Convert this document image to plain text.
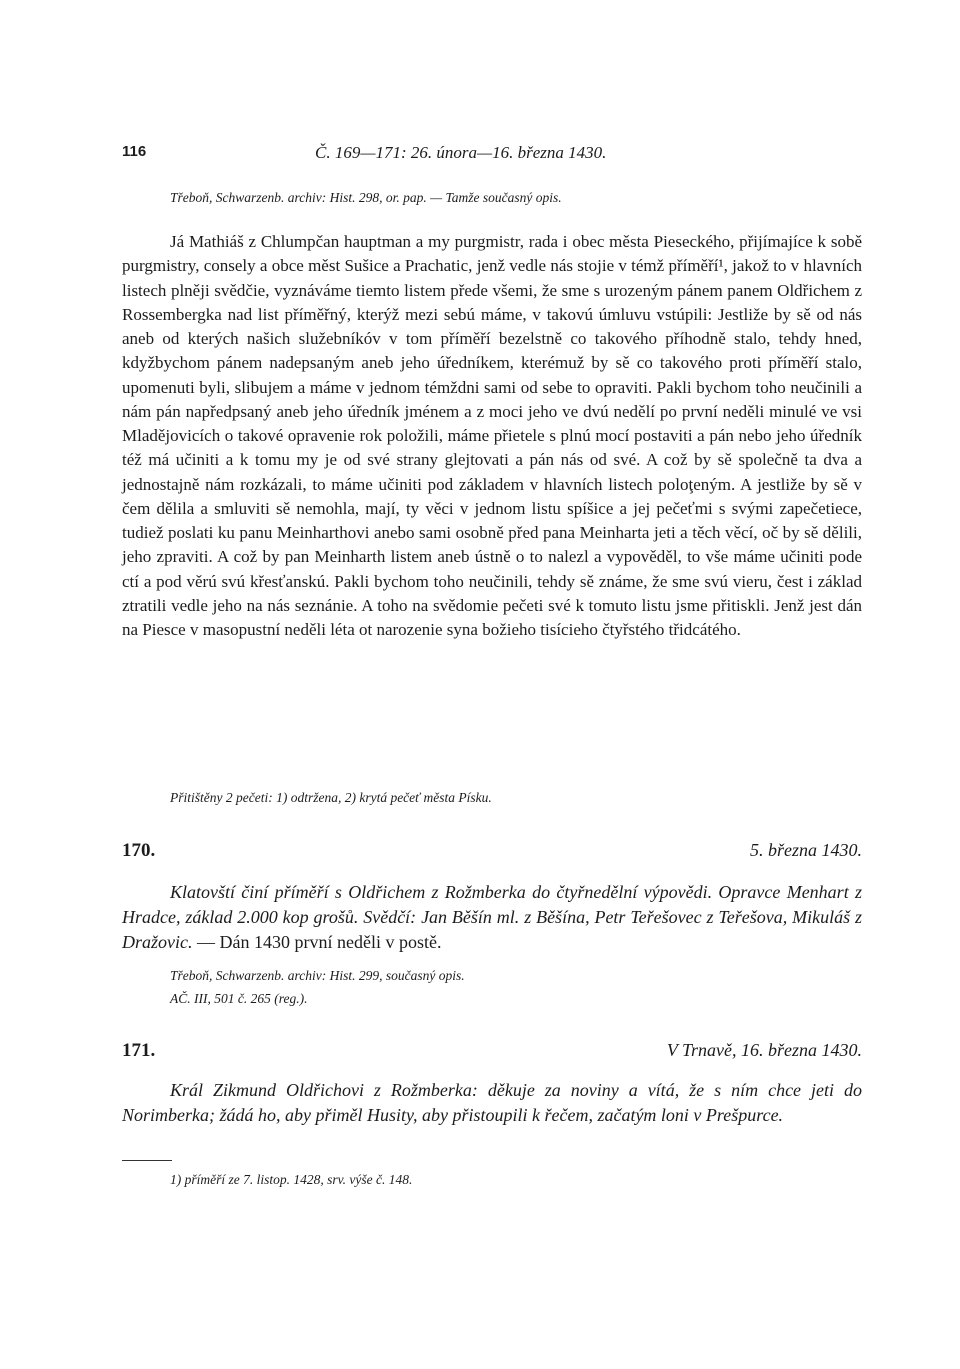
116	Č. 169—171: 26. února—16. března 1430.
Třeboň, Schwarzenb. archiv: Hist. 298, or. pap. — Tamže současný opis.

Já Mathiáš z Chlumpčan hauptman a my purgmistr, rada i obec města Pieseckého, přijímajíce k sobě purgmistry, consely a obce měst Sušice a Prachatic, jenž vedle nás stojie v témž příměří¹, jakož to v hlavních listech plněji svědčie, vyznáváme tiemto listem přede všemi, že sme s urozeným pánem panem Oldřichem z Rossembergka nad list příměřný, kterýž mezi sebú máme, v takovú úmluvu vstúpili: Jestliže by sě od nás aneb od kterých našich služebníkóv v tom příměří bezelstně co takového příhodně stalo, tehdy hned, kdyžbychom pánem nadepsaným aneb jeho úředníkem, kterémuž by sě co takového proti příměří stalo, upomenuti byli, slibujem a máme v jednom témždni sami od sebe to opraviti. Pakli bychom toho neučinili a nám pán napředpsaný aneb jeho úředník jménem a z moci jeho ve dvú nedělí po první neděli minulé ve vsi Mladějovicích o takové opravenie rok položili, máme přietele s plnú mocí postaviti a pán nebo jeho úředník též má učiniti a k tomu my je od své strany glejtovati a pán nás od své. A což by sě společně ta dva a jednostajně nám rozkázali, to máme učiniti pod základem v hlavních listech poloţeným. A jestliže by sě v čem dělila a smluviti sě nemohla, mají, ty věci v jednom listu spíšice a jej pečeťmi s svými zapečetiece, tudiež poslati ku panu Meinharthovi anebo sami osobně před pana Meinharta jeti a těch věcí, oč by sě dělili, jeho zpraviti. A což by pan Meinharth listem aneb ústně o to nalezl a vypověděl, to vše máme učiniti pode ctí a pod věrú svú křesťanskú. Pakli bychom toho neučinili, tehdy sě známe, že sme svú vieru, čest i základ ztratili vedle jeho na nás seznánie. A toho na svědomie pečeti své k tomuto listu jsme přitiskli. Jenž jest dán na Piesce v masopustní neděli léta ot narozenie syna božieho tisícieho čtyřstého třidcátého.

Přitištěny 2 pečeti: 1) odtržena, 2) krytá pečeť města Písku.
170.	5. března 1430.

Klatovští činí příměří s Oldřichem z Rožmberka do čtyřnedělní výpovědi. Opravce Menhart z Hradce, základ 2.000 kop grošů. Svědčí: Jan Běšín ml. z Běšína, Petr Teřešovec z Teřešova, Mikuláš z Dražovic. — Dán 1430 první neděli v postě.

Třeboň, Schwarzenb. archiv: Hist. 299, současný opis.
AČ. III, 501 č. 265 (reg.).
171.	V Trnavě, 16. března 1430.

Král Zikmund Oldřichovi z Rožmberka: děkuje za noviny a vítá, že s ním chce jeti do Norimberka; žádá ho, aby přiměl Husity, aby přistoupili k řečem, začatým loni v Prešpurce.

1) příměří ze 7. listop. 1428, srv. výše č. 148.
